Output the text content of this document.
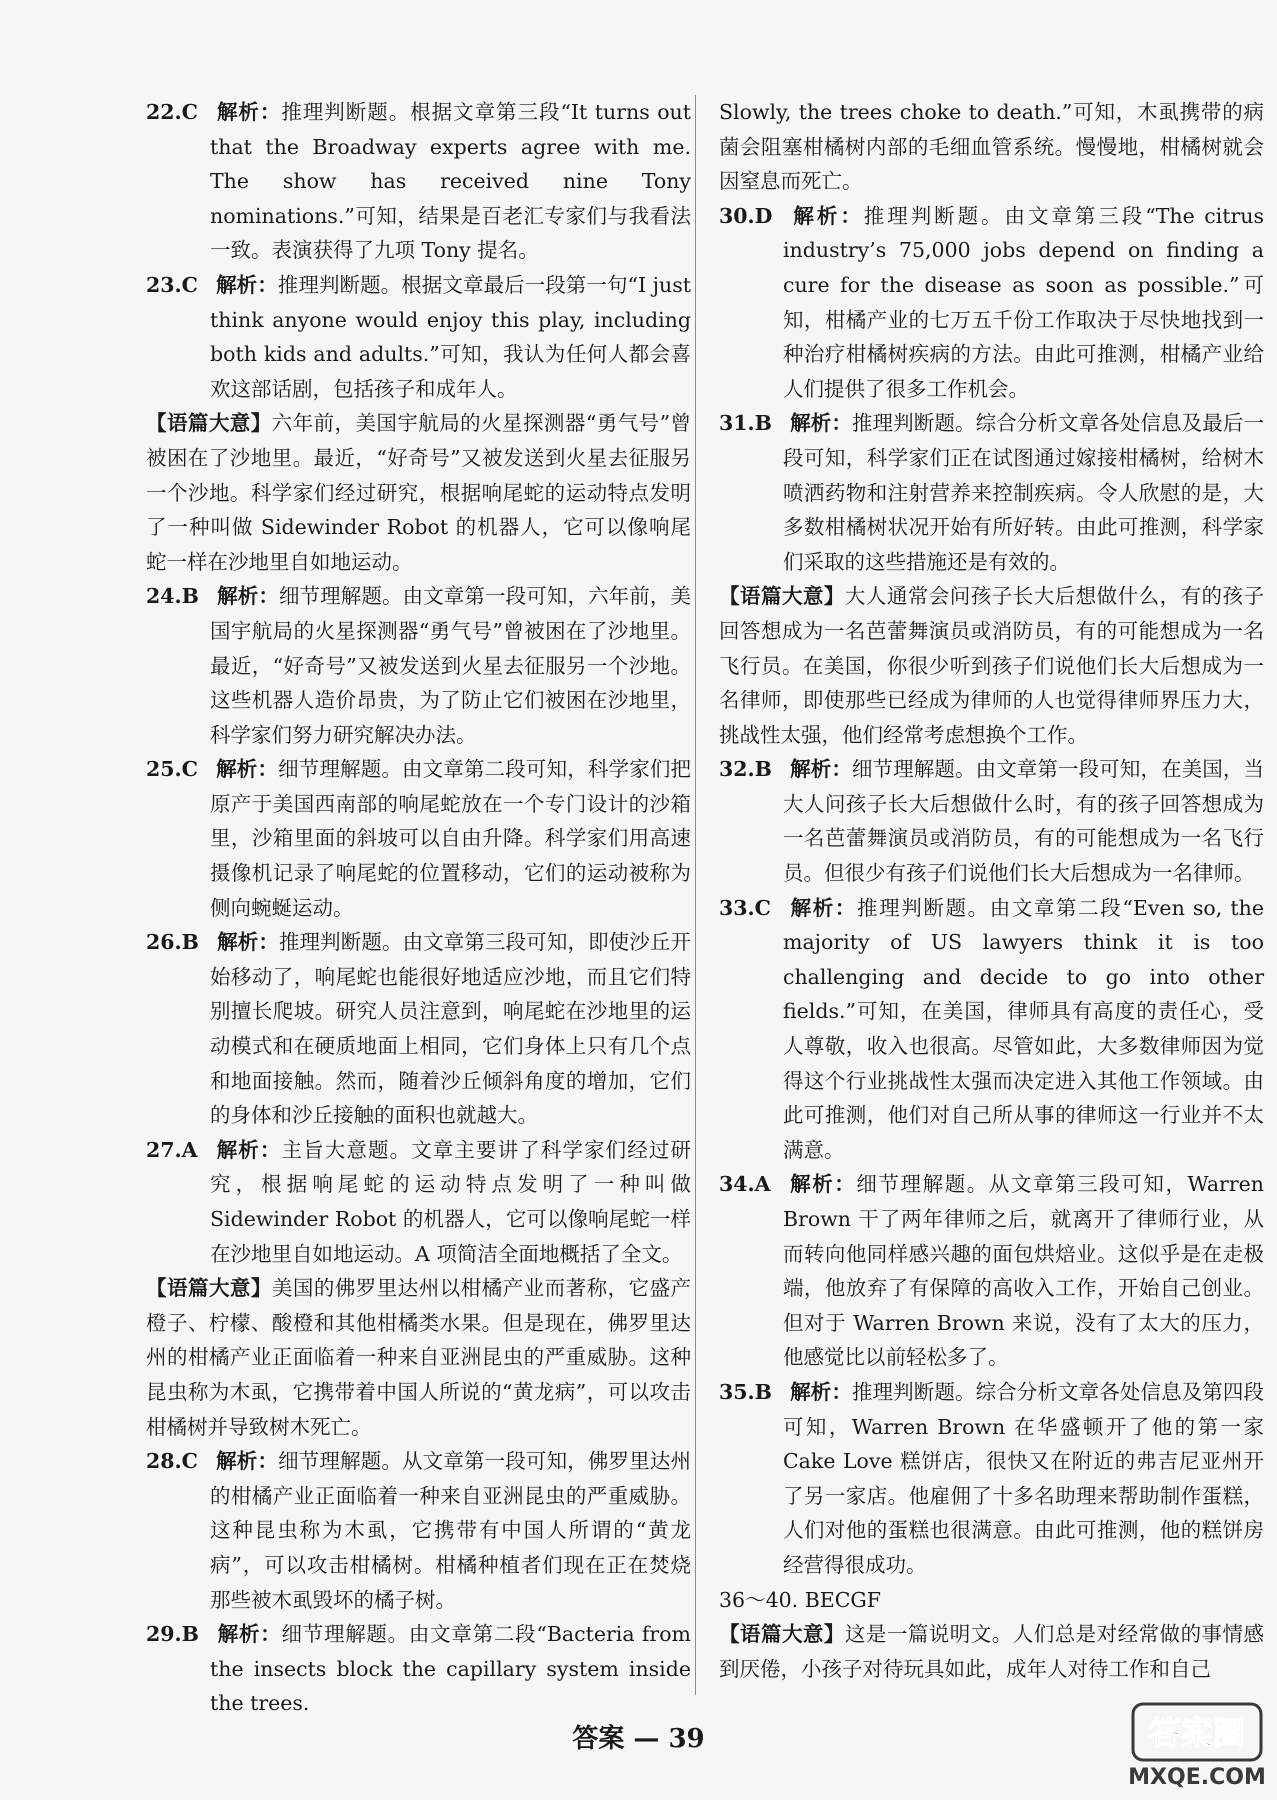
22.C 解析：推理判断题。根据文章第三段“It turns out that the Broadway experts agree with me. The show has received nine Tony nominations.”可知，结果是百老汇专家们与我看法一致。表演获得了九项 Tony 提名。

23.C 解析：推理判断题。根据文章最后一段第一句“I just think anyone would enjoy this play, including both kids and adults.”可知，我认为任何人都会喜欢这部话剧，包括孩子和成年人。

【语篇大意】六年前，美国宇航局的火星探测器“勇气号”曾被困在了沙地里。最近，“好奇号”又被发送到火星去征服另一个沙地。科学家们经过研究，根据响尾蛇的运动特点发明了一种叫做 Sidewinder Robot 的机器人，它可以像响尾蛇一样在沙地里自如地运动。

24.B 解析：细节理解题。由文章第一段可知，六年前，美国宇航局的火星探测器“勇气号”曾被困在了沙地里。最近，“好奇号”又被发送到火星去征服另一个沙地。这些机器人造价昂贵，为了防止它们被困在沙地里，科学家们努力研究解决办法。

25.C 解析：细节理解题。由文章第二段可知，科学家们把原产于美国西南部的响尾蛇放在一个专门设计的沙箱里，沙箱里面的斜坡可以自由升降。科学家们用高速摄像机记录了响尾蛇的位置移动，它们的运动被称为侧向蜿蜒运动。

26.B 解析：推理判断题。由文章第三段可知，即使沙丘开始移动了，响尾蛇也能很好地适应沙地，而且它们特别擅长爬坡。研究人员注意到，响尾蛇在沙地里的运动模式和在硬质地面上相同，它们身体上只有几个点和地面接触。然而，随着沙丘倾斜角度的增加，它们的身体和沙丘接触的面积也就越大。

27.A 解析：主旨大意题。文章主要讲了科学家们经过研究，根据响尾蛇的运动特点发明了一种叫做 Sidewinder Robot 的机器人，它可以像响尾蛇一样在沙地里自如地运动。A 项简洁全面地概括了全文。

【语篇大意】美国的佛罗里达州以柑橘产业而著称，它盛产橙子、柠檬、酸橙和其他柑橘类水果。但是现在，佛罗里达州的柑橘产业正面临着一种来自亚洲昆虫的严重威胁。这种昆虫称为木虱，它携带着中国人所说的“黄龙病”，可以攻击柑橘树并导致树木死亡。

28.C 解析：细节理解题。从文章第一段可知，佛罗里达州的柑橘产业正面临着一种来自亚洲昆虫的严重威胁。这种昆虫称为木虱，它携带有中国人所谓的“黄龙病”，可以攻击柑橘树。柑橘种植者们现在正在焚烧那些被木虱毁坏的橘子树。

29.B 解析：细节理解题。由文章第二段“Bacteria from the insects block the capillary system inside the trees.

Slowly, the trees choke to death.”可知，木虱携带的病菌会阻塞柑橘树内部的毛细血管系统。慢慢地，柑橘树就会因窒息而死亡。

30.D 解析：推理判断题。由文章第三段“The citrus industry’s 75,000 jobs depend on finding a cure for the disease as soon as possible.”可知，柑橘产业的七万五千份工作取决于尽快地找到一种治疗柑橘树疾病的方法。由此可推测，柑橘产业给人们提供了很多工作机会。

31.B 解析：推理判断题。综合分析文章各处信息及最后一段可知，科学家们正在试图通过嫁接柑橘树，给树木喷洒药物和注射营养来控制疾病。令人欣慰的是，大多数柑橘树状况开始有所好转。由此可推测，科学家们采取的这些措施还是有效的。

【语篇大意】大人通常会问孩子长大后想做什么，有的孩子回答想成为一名芭蕾舞演员或消防员，有的可能想成为一名飞行员。在美国，你很少听到孩子们说他们长大后想成为一名律师，即使那些已经成为律师的人也觉得律师界压力大，挑战性太强，他们经常考虑想换个工作。

32.B 解析：细节理解题。由文章第一段可知，在美国，当大人问孩子长大后想做什么时，有的孩子回答想成为一名芭蕾舞演员或消防员，有的可能想成为一名飞行员。但很少有孩子们说他们长大后想成为一名律师。

33.C 解析：推理判断题。由文章第二段“Even so, the majority of US lawyers think it is too challenging and decide to go into other fields.”可知，在美国，律师具有高度的责任心，受人尊敬，收入也很高。尽管如此，大多数律师因为觉得这个行业挑战性太强而决定进入其他工作领域。由此可推测，他们对自己所从事的律师这一行业并不太满意。

34.A 解析：细节理解题。从文章第三段可知，Warren Brown 干了两年律师之后，就离开了律师行业，从而转向他同样感兴趣的面包烘焙业。这似乎是在走极端，他放弃了有保障的高收入工作，开始自己创业。但对于 Warren Brown 来说，没有了太大的压力，他感觉比以前轻松多了。

35.B 解析：推理判断题。综合分析文章各处信息及第四段可知，Warren Brown 在华盛顿开了他的第一家 Cake Love 糕饼店，很快又在附近的弗吉尼亚州开了另一家店。他雇佣了十多名助理来帮助制作蛋糕，人们对他的蛋糕也很满意。由此可推测，他的糕饼房经营得很成功。

36～40. BECGF

【语篇大意】这是一篇说明文。人们总是对经常做的事情感到厌倦，小孩子对待玩具如此，成年人对待工作和自己

答案 — 39	答案圈
MXQE.COM
